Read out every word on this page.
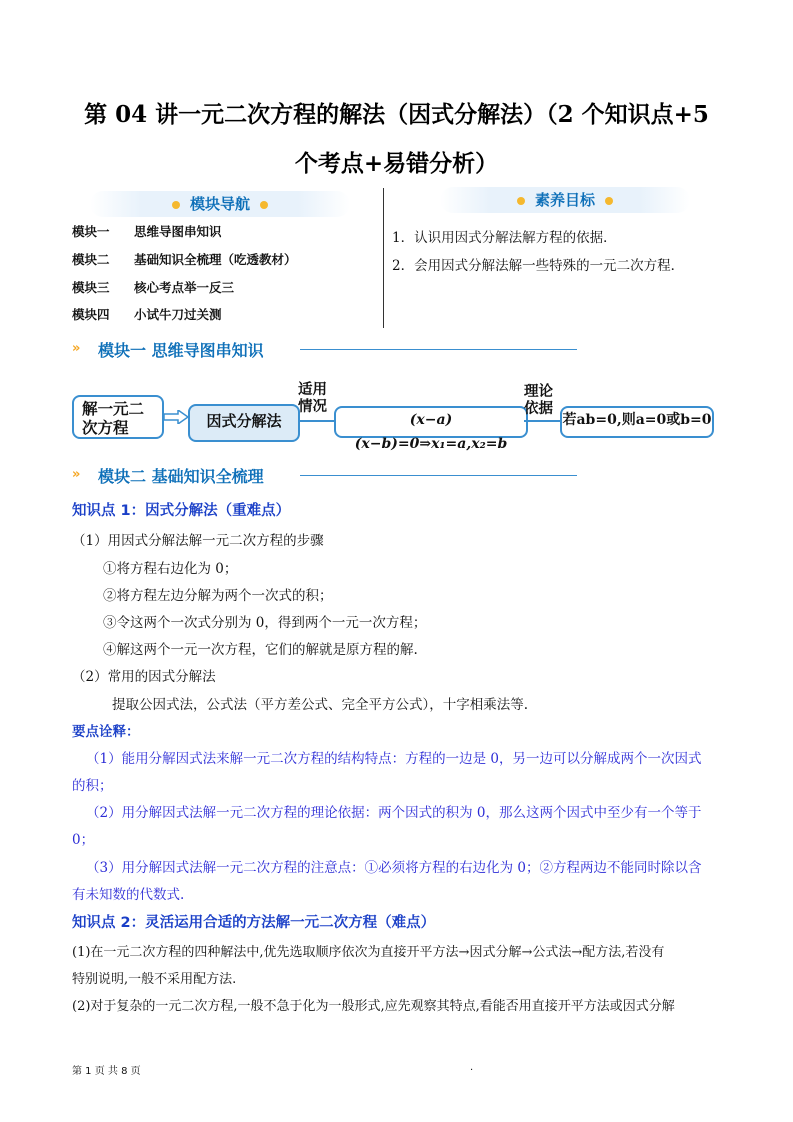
第 04 讲一元二次方程的解法（因式分解法）（2 个知识点+5
个考点+易错分析）
模块导航
模块一 思维导图串知识
模块二 基础知识全梳理（吃透教材）
模块三 核心考点举一反三
模块四 小试牛刀过关测
素养目标
1．认识用因式分解法解方程的依据．
2．会用因式分解法解一些特殊的一元二次方程．
» 模块一 思维导图串知识
解一元二次方程	因式分解法
适用情况
(x−a)(x−b)=0⇒x₁=a,x₂=b
理论依据
若ab=0,则a=0或b=0
» 模块二 基础知识全梳理
知识点 1：因式分解法（重难点）
（1）用因式分解法解一元二次方程的步骤
①将方程右边化为 0；
②将方程左边分解为两个一次式的积；
③令这两个一次式分别为 0，得到两个一元一次方程；
④解这两个一元一次方程，它们的解就是原方程的解.
（2）常用的因式分解法
提取公因式法，公式法（平方差公式、完全平方公式），十字相乘法等.
要点诠释：
（1）能用分解因式法来解一元二次方程的结构特点：方程的一边是 0，另一边可以分解成两个一次因式
的积；
（2）用分解因式法解一元二次方程的理论依据：两个因式的积为 0，那么这两个因式中至少有一个等于
0；
（3）用分解因式法解一元二次方程的注意点：①必须将方程的右边化为 0；②方程两边不能同时除以含
有未知数的代数式.
知识点 2：灵活运用合适的方法解一元二次方程（难点）
(1)在一元二次方程的四种解法中,优先选取顺序依次为直接开平方法→因式分解→公式法→配方法,若没有
特别说明,一般不采用配方法.
(2)对于复杂的一元二次方程,一般不急于化为一般形式,应先观察其特点,看能否用直接开平方法或因式分解
第 1 页 共 8 页	.
